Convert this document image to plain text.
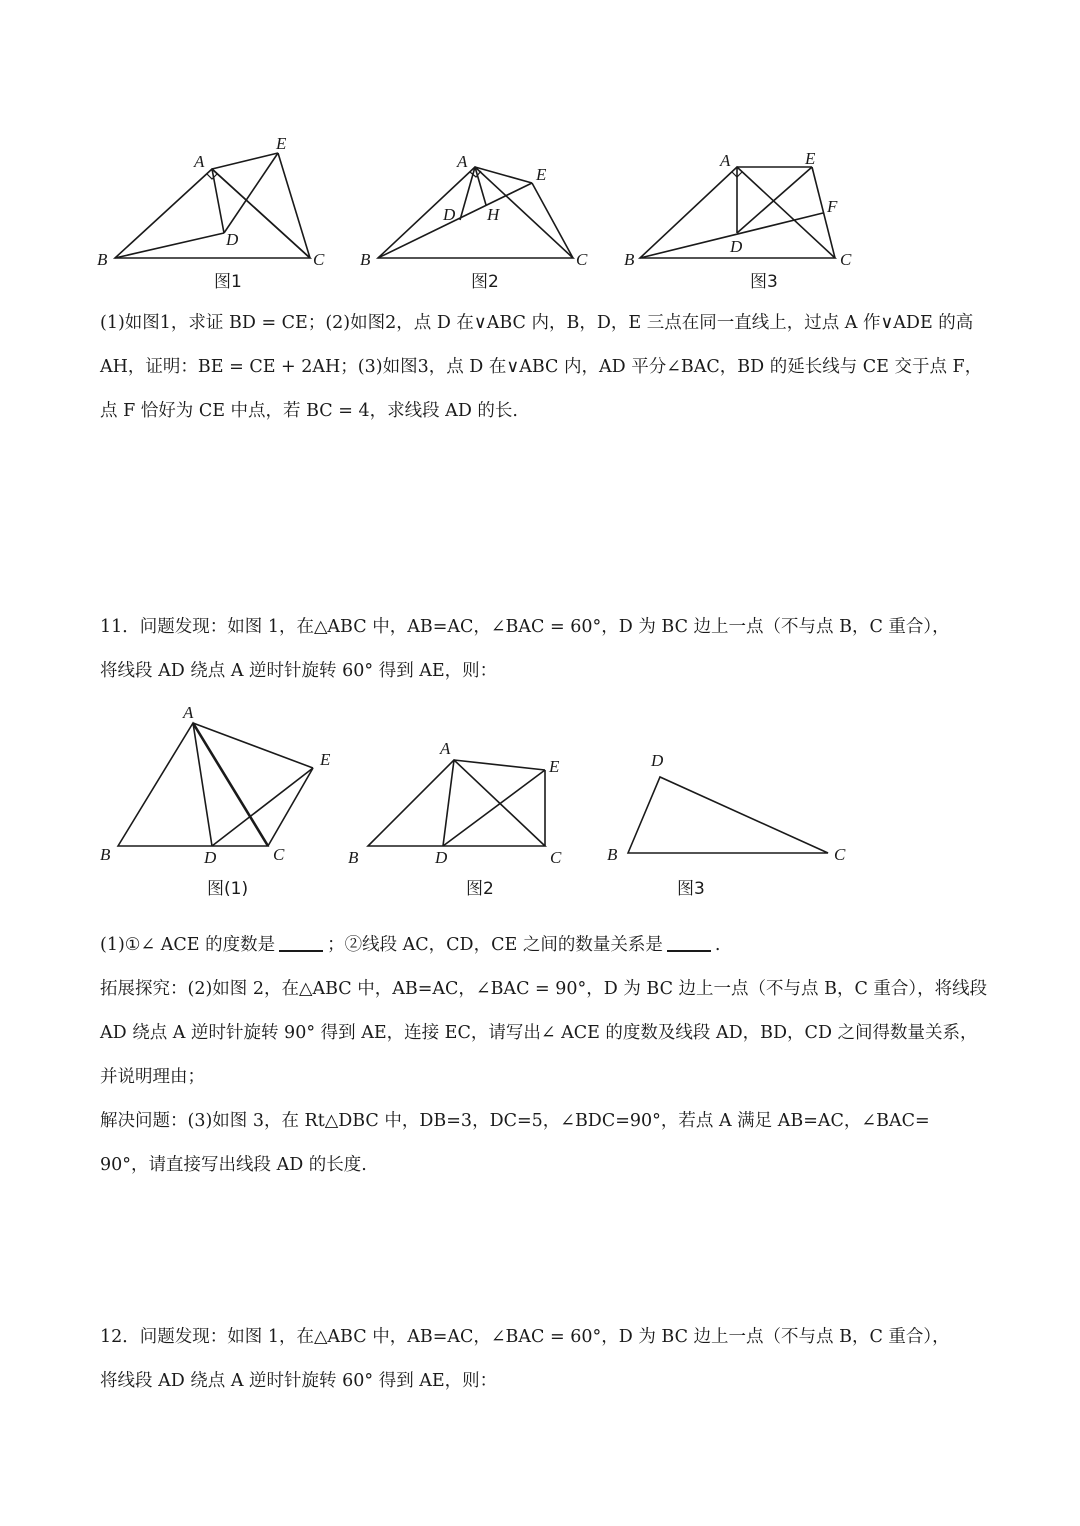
A
E
B
D
C
图1
A
E
D H
B	C
图2
A	E
F
D
B	C
图3
(1)如图1，求证 BD = CE；(2)如图2，点 D 在∨ABC 内，B，D，E 三点在同一直线上，过点 A 作∨ADE 的高
AH，证明：BE = CE + 2AH；(3)如图3，点 D 在∨ABC 内，AD 平分∠BAC，BD 的延长线与 CE 交于点 F，
点 F 恰好为 CE 中点，若 BC = 4，求线段 AD 的长.
11．问题发现：如图 1，在△ABC 中，AB=AC，∠BAC = 60°，D 为 BC 边上一点（不与点 B，C 重合），
将线段 AD 绕点 A 逆时针旋转 60° 得到 AE，则：
A
E
B	D	C
图(1)
A
E
B	D	C
图2
D
B	C
图3
(1)①∠ ACE 的度数是	；②线段 AC，CD，CE 之间的数量关系是	.
拓展探究：(2)如图 2，在△ABC 中，AB=AC，∠BAC = 90°，D 为 BC 边上一点（不与点 B，C 重合），将线段
AD 绕点 A 逆时针旋转 90° 得到 AE，连接 EC，请写出∠ ACE 的度数及线段 AD，BD，CD 之间得数量关系，
并说明理由；
解决问题：(3)如图 3，在 Rt△DBC 中，DB=3，DC=5，∠BDC=90°，若点 A 满足 AB=AC，∠BAC=
90°，请直接写出线段 AD 的长度.
12．问题发现：如图 1，在△ABC 中，AB=AC，∠BAC = 60°，D 为 BC 边上一点（不与点 B，C 重合），
将线段 AD 绕点 A 逆时针旋转 60° 得到 AE，则：
